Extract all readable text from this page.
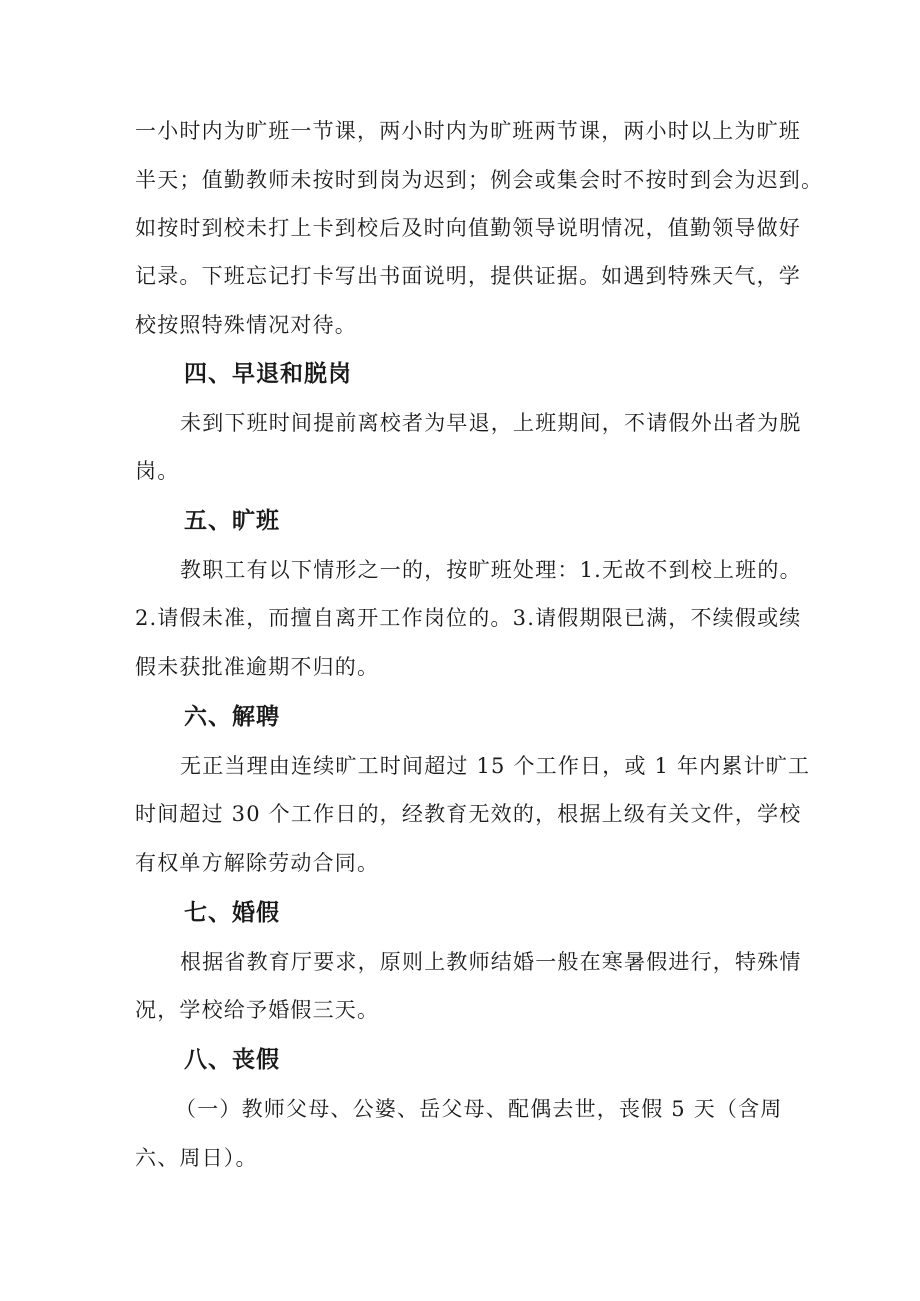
一小时内为旷班一节课，两小时内为旷班两节课，两小时以上为旷班
半天；值勤教师未按时到岗为迟到；例会或集会时不按时到会为迟到。
如按时到校未打上卡到校后及时向值勤领导说明情况，值勤领导做好
记录。下班忘记打卡写出书面说明，提供证据。如遇到特殊天气，学
校按照特殊情况对待。
四、早退和脱岗
未到下班时间提前离校者为早退，上班期间，不请假外出者为脱
岗。
五、旷班
教职工有以下情形之一的，按旷班处理：1.无故不到校上班的。
2.请假未准，而擅自离开工作岗位的。3.请假期限已满，不续假或续
假未获批准逾期不归的。
六、解聘
无正当理由连续旷工时间超过 15 个工作日，或 1 年内累计旷工
时间超过 30 个工作日的，经教育无效的，根据上级有关文件，学校
有权单方解除劳动合同。
七、婚假
根据省教育厅要求，原则上教师结婚一般在寒暑假进行，特殊情
况，学校给予婚假三天。
八、丧假
（一）教师父母、公婆、岳父母、配偶去世，丧假 5 天（含周
六、周日）。
